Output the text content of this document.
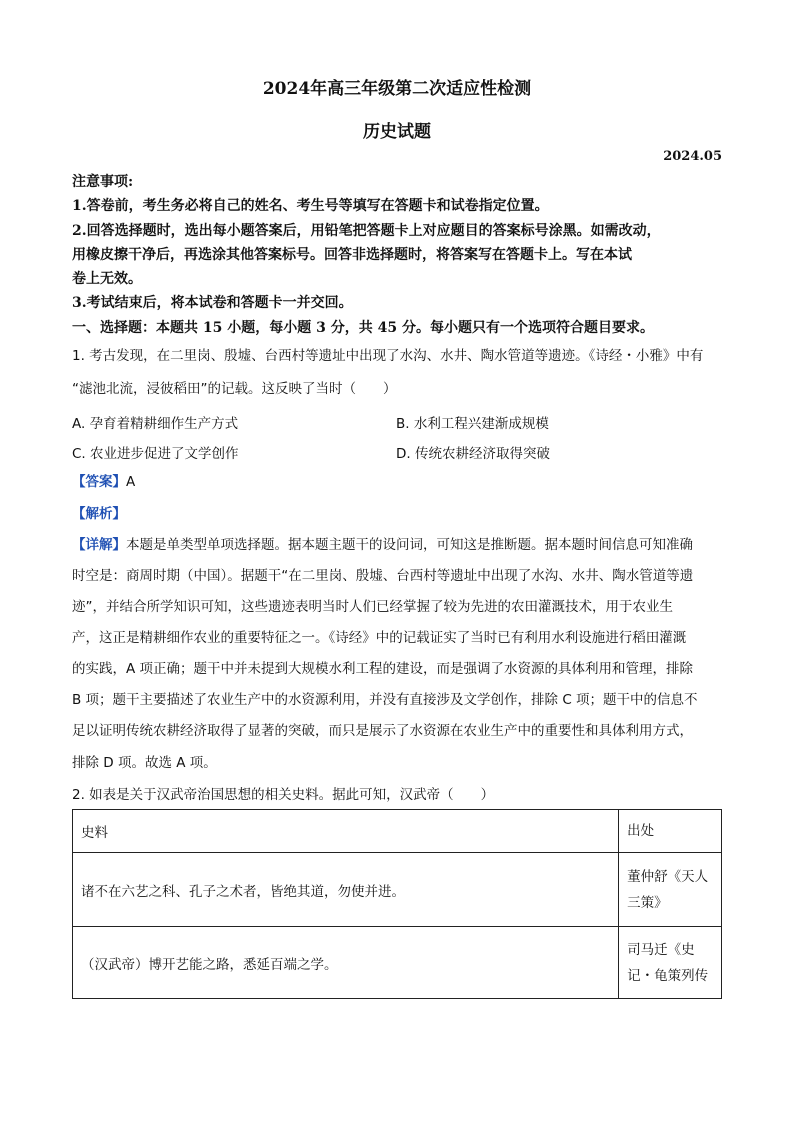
2024年高三年级第二次适应性检测
历史试题
2024.05
注意事项:
1.答卷前，考生务必将自己的姓名、考生号等填写在答题卡和试卷指定位置。
2.回答选择题时，选出每小题答案后，用铅笔把答题卡上对应题目的答案标号涂黑。如需改动，
用橡皮擦干净后，再选涂其他答案标号。回答非选择题时，将答案写在答题卡上。写在本试
卷上无效。
3.考试结束后，将本试卷和答题卡一并交回。
一、选择题：本题共 15 小题，每小题 3 分，共 45 分。每小题只有一个选项符合题目要求。
1. 考古发现，在二里岗、殷墟、台西村等遗址中出现了水沟、水井、陶水管道等遗迹。《诗经・小雅》中有
“滤池北流，浸彼稻田”的记载。这反映了当时（　　）
A. 孕育着精耕细作生产方式	B. 水利工程兴建渐成规模
C. 农业进步促进了文学创作	D. 传统农耕经济取得突破
【答案】A
【解析】
【详解】本题是单类型单项选择题。据本题主题干的设问词，可知这是推断题。据本题时间信息可知准确
时空是：商周时期（中国）。据题干“在二里岗、殷墟、台西村等遗址中出现了水沟、水井、陶水管道等遗
迹”，并结合所学知识可知，这些遗迹表明当时人们已经掌握了较为先进的农田灌溉技术，用于农业生
产，这正是精耕细作农业的重要特征之一。《诗经》中的记载证实了当时已有利用水利设施进行稻田灌溉
的实践，A 项正确；题干中并未提到大规模水利工程的建设，而是强调了水资源的具体利用和管理，排除
B 项；题干主要描述了农业生产中的水资源利用，并没有直接涉及文学创作，排除 C 项；题干中的信息不
足以证明传统农耕经济取得了显著的突破，而只是展示了水资源在农业生产中的重要性和具体利用方式，
排除 D 项。故选 A 项。
2. 如表是关于汉武帝治国思想的相关史料。据此可知，汉武帝（　　）
史料	出处
诸不在六艺之科、孔子之术者，皆绝其道，勿使并进。	董仲舒《天人三策》
（汉武帝）博开艺能之路，悉延百端之学。	司马迁《史记・龟策列传
